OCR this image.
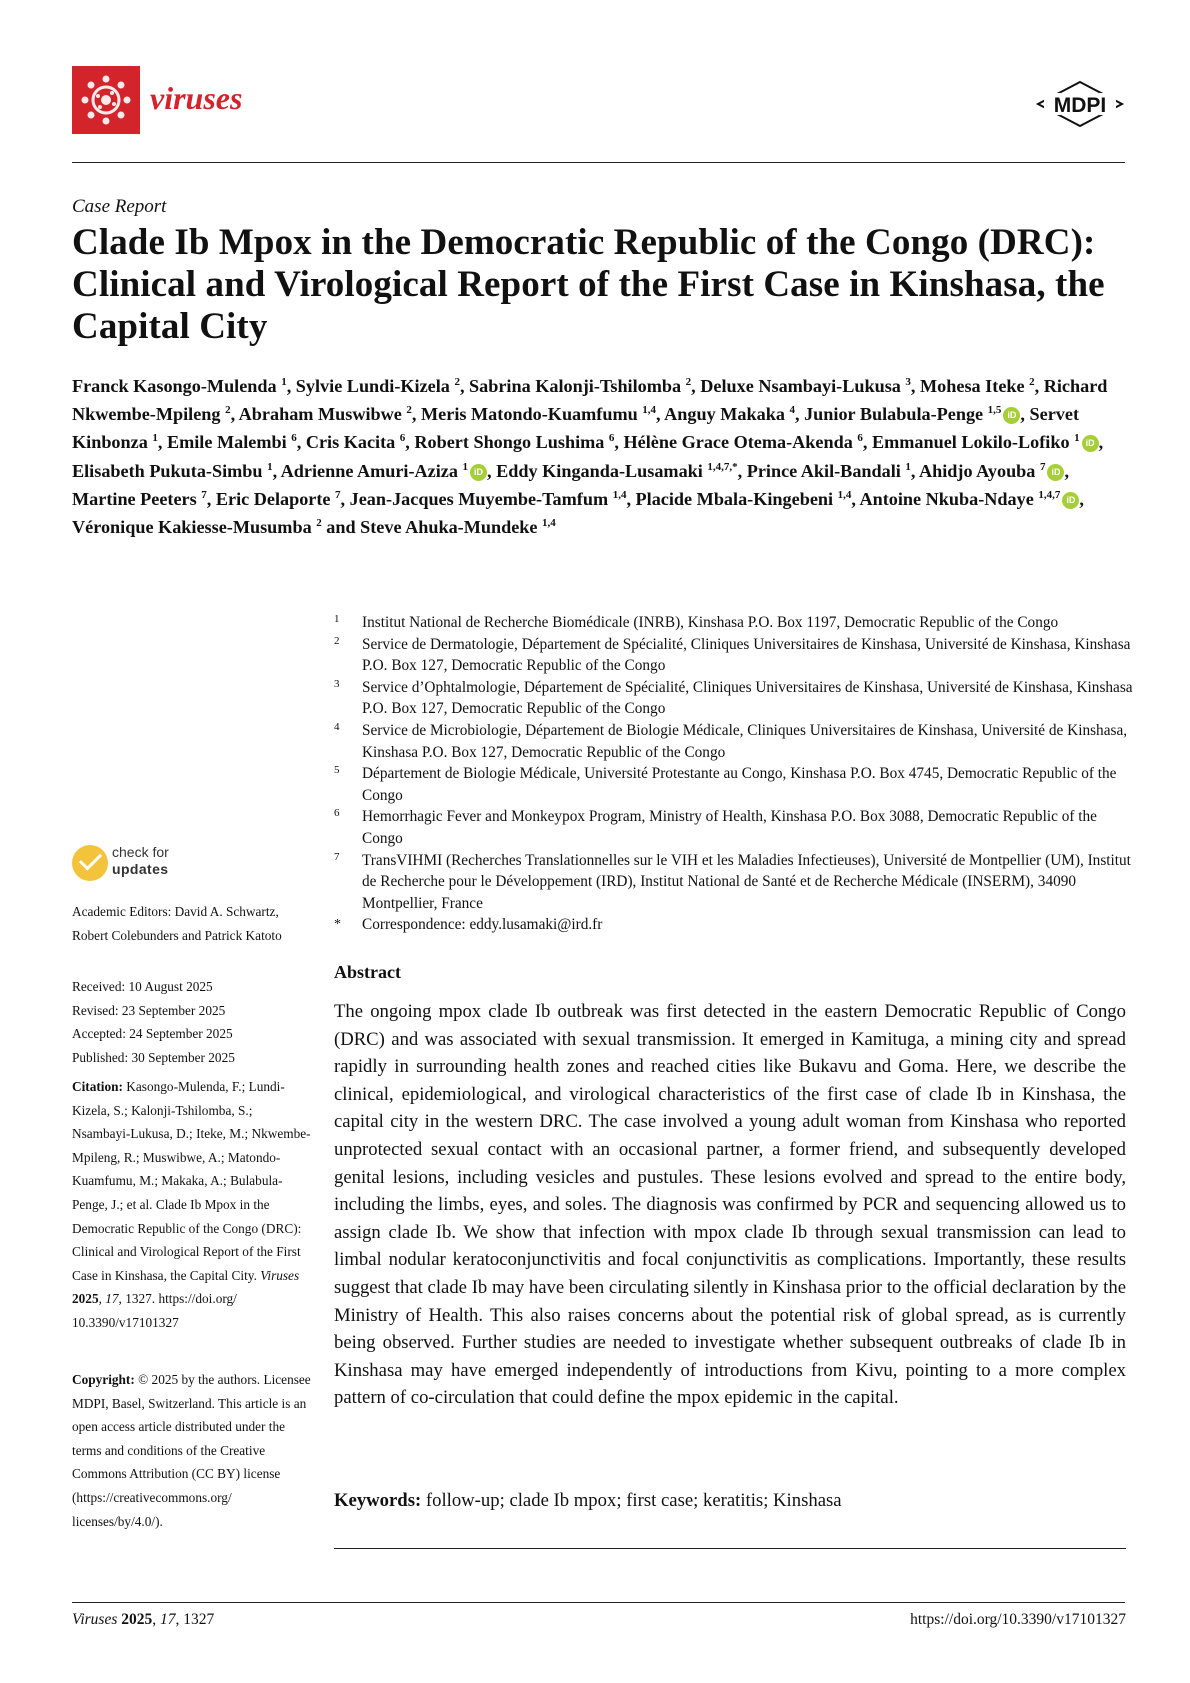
viruses	MDPI
Case Report
Clade Ib Mpox in the Democratic Republic of the Congo (DRC): Clinical and Virological Report of the First Case in Kinshasa, the Capital City
Franck Kasongo-Mulenda $^1$, Sylvie Lundi-Kizela $^2$, Sabrina Kalonji-Tshilomba $^2$, Deluxe Nsambayi-Lukusa $^3$, Mohesa Iteke $^2$, Richard Nkwembe-Mpileng $^2$, Abraham Muswibwe $^2$, Meris Matondo-Kuamfumu $^{1,4}$, Anguy Makaka $^4$, Junior Bulabula-Penge $^{1,5}$ iD , Servet Kinbonza $^1$, Emile Malembi $^6$, Cris Kacita $^6$, Robert Shongo Lushima $^6$, Hélène Grace Otema-Akenda $^6$, Emmanuel Lokilo-Lofiko $^1$ iD , Elisabeth Pukuta-Simbu $^1$, Adrienne Amuri-Aziza $^1$ iD , Eddy Kinganda-Lusamaki $^{1,4,7,*}$, Prince Akil-Bandali $^1$, Ahidjo Ayouba $^7$ iD , Martine Peeters $^7$, Eric Delaporte $^7$, Jean-Jacques Muyembe-Tamfum $^{1,4}$, Placide Mbala-Kingebeni $^{1,4}$, Antoine Nkuba-Ndaye $^{1,4,7}$ iD , Véronique Kakiesse-Musumba $^2$ and Steve Ahuka-Mundeke $^{1,4}$
1 Institut National de Recherche Biomédicale (INRB), Kinshasa P.O. Box 1197, Democratic Republic of the Congo
2 Service de Dermatologie, Département de Spécialité, Cliniques Universitaires de Kinshasa, Université de Kinshasa, Kinshasa P.O. Box 127, Democratic Republic of the Congo
3 Service d’Ophtalmologie, Département de Spécialité, Cliniques Universitaires de Kinshasa, Université de Kinshasa, Kinshasa P.O. Box 127, Democratic Republic of the Congo
4 Service de Microbiologie, Département de Biologie Médicale, Cliniques Universitaires de Kinshasa, Université de Kinshasa, Kinshasa P.O. Box 127, Democratic Republic of the Congo
5 Département de Biologie Médicale, Université Protestante au Congo, Kinshasa P.O. Box 4745, Democratic Republic of the Congo
6 Hemorrhagic Fever and Monkeypox Program, Ministry of Health, Kinshasa P.O. Box 3088, Democratic Republic of the Congo
7 TransVIHMI (Recherches Translationnelles sur le VIH et les Maladies Infectieuses), Université de Montpellier (UM), Institut de Recherche pour le Développement (IRD), Institut National de Santé et de Recherche Médicale (INSERM), 34090 Montpellier, France
* Correspondence: eddy.lusamaki@ird.fr
check for
updates
Academic Editors: David A. Schwartz, Robert Colebunders and Patrick Katoto
Received: 10 August 2025
Revised: 23 September 2025
Accepted: 24 September 2025
Published: 30 September 2025
Citation: Kasongo-Mulenda, F.; Lundi-Kizela, S.; Kalonji-Tshilomba, S.; Nsambayi-Lukusa, D.; Iteke, M.; Nkwembe-Mpileng, R.; Muswibwe, A.; Matondo-Kuamfumu, M.; Makaka, A.; Bulabula-Penge, J.; et al. Clade Ib Mpox in the Democratic Republic of the Congo (DRC): Clinical and Virological Report of the First Case in Kinshasa, the Capital City. Viruses 2025, 17, 1327. https://doi.org/ 10.3390/v17101327
Copyright: © 2025 by the authors. Licensee MDPI, Basel, Switzerland. This article is an open access article distributed under the terms and conditions of the Creative Commons Attribution (CC BY) license (https://creativecommons.org/ licenses/by/4.0/).
Abstract
The ongoing mpox clade Ib outbreak was first detected in the eastern Democratic Republic of Congo (DRC) and was associated with sexual transmission. It emerged in Kamituga, a mining city and spread rapidly in surrounding health zones and reached cities like Bukavu and Goma. Here, we describe the clinical, epidemiological, and virological characteristics of the first case of clade Ib in Kinshasa, the capital city in the western DRC. The case involved a young adult woman from Kinshasa who reported unprotected sexual contact with an occasional partner, a former friend, and subsequently developed genital lesions, including vesicles and pustules. These lesions evolved and spread to the entire body, including the limbs, eyes, and soles. The diagnosis was confirmed by PCR and sequencing allowed us to assign clade Ib. We show that infection with mpox clade Ib through sexual transmission can lead to limbal nodular keratoconjunctivitis and focal conjunctivitis as complications. Importantly, these results suggest that clade Ib may have been circulating silently in Kinshasa prior to the official declaration by the Ministry of Health. This also raises concerns about the potential risk of global spread, as is currently being observed. Further studies are needed to investigate whether subsequent outbreaks of clade Ib in Kinshasa may have emerged independently of introductions from Kivu, pointing to a more complex pattern of co-circulation that could define the mpox epidemic in the capital.
Keywords: follow-up; clade Ib mpox; first case; keratitis; Kinshasa
Viruses 2025, 17, 1327	https://doi.org/10.3390/v17101327
